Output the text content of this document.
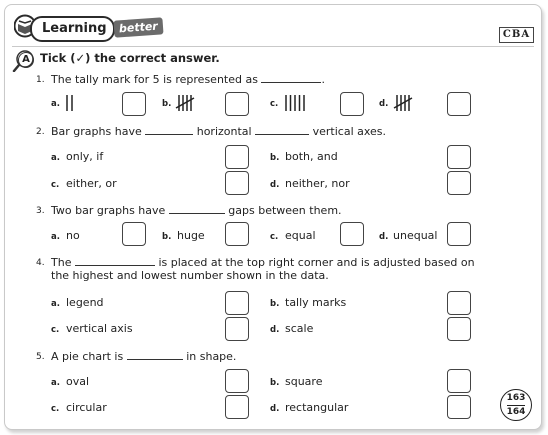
Learning	better	CBA
A Tick (✓) the correct answer.
1. The tally mark for 5 is represented as	.
a.	b.	c.	d.
2. Bar graphs have	horizontal	vertical axes.
a. only, if	b. both, and
c. either, or	d. neither, nor
3. Two bar graphs have	gaps between them.
a. no	b. huge	c. equal	d. unequal
4. The	is placed at the top right corner and is adjusted based on
the highest and lowest number shown in the data.
a. legend	b. tally marks
c. vertical axis	d. scale
5. A pie chart is	in shape.
a. oval	b. square
c. circular	d. rectangular
163
164
